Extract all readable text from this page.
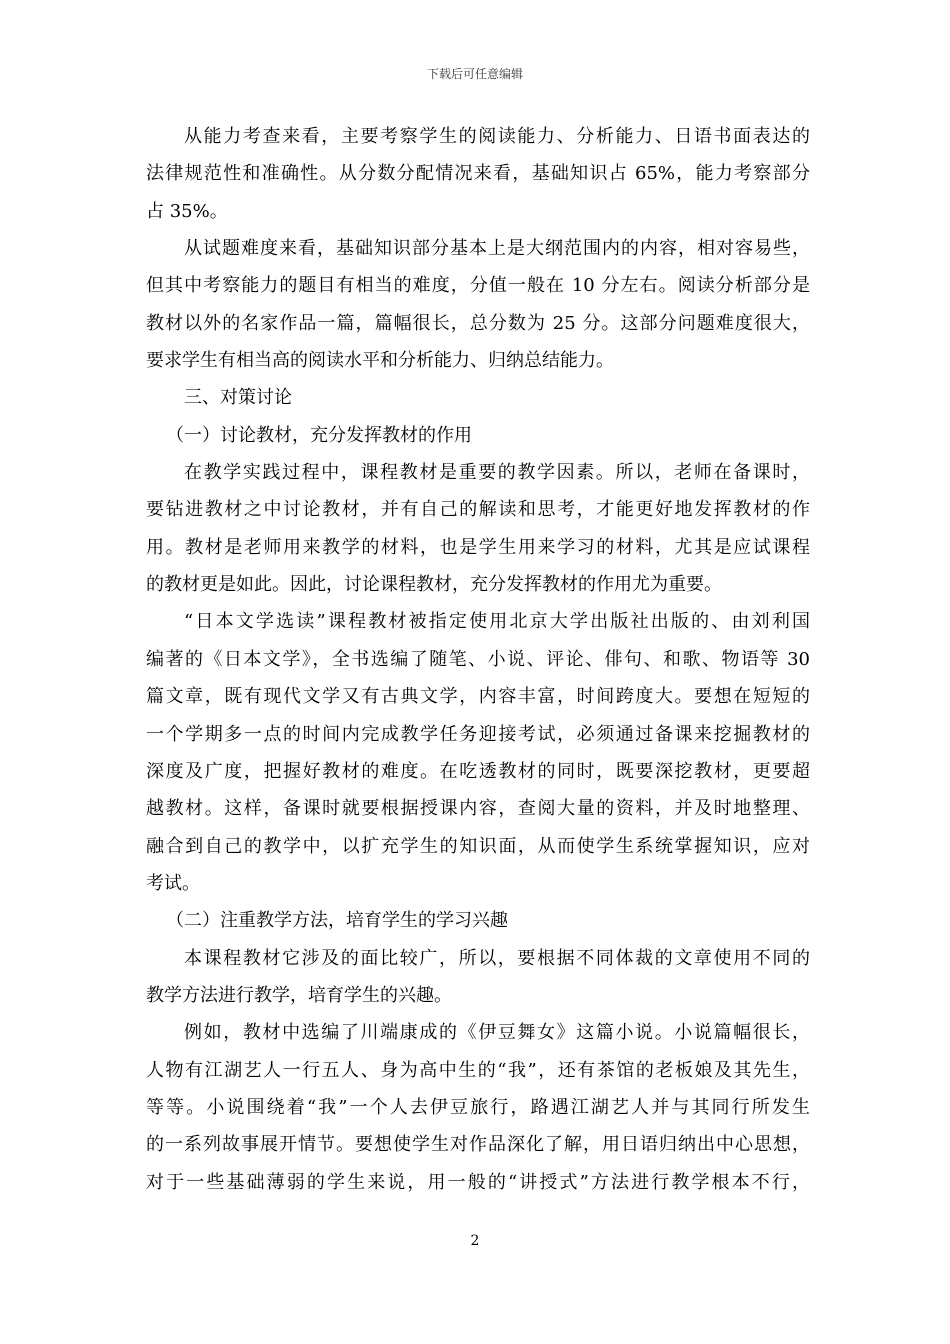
下载后可任意编辑
从能力考查来看，主要考察学生的阅读能力、分析能力、日语书面表达的
法律规范性和准确性。从分数分配情况来看，基础知识占 65%，能力考察部分
占 35%。
从试题难度来看，基础知识部分基本上是大纲范围内的内容，相对容易些，
但其中考察能力的题目有相当的难度，分值一般在 10 分左右。阅读分析部分是
教材以外的名家作品一篇，篇幅很长，总分数为 25 分。这部分问题难度很大，
要求学生有相当高的阅读水平和分析能力、归纳总结能力。
三、对策讨论
（一）讨论教材，充分发挥教材的作用
在教学实践过程中，课程教材是重要的教学因素。所以，老师在备课时，
要钻进教材之中讨论教材，并有自己的解读和思考，才能更好地发挥教材的作
用。教材是老师用来教学的材料，也是学生用来学习的材料，尤其是应试课程
的教材更是如此。因此，讨论课程教材，充分发挥教材的作用尤为重要。
“日本文学选读”课程教材被指定使用北京大学出版社出版的、由刘利国
编著的《日本文学》，全书选编了随笔、小说、评论、俳句、和歌、物语等 30
篇文章，既有现代文学又有古典文学，内容丰富，时间跨度大。要想在短短的
一个学期多一点的时间内完成教学任务迎接考试，必须通过备课来挖掘教材的
深度及广度，把握好教材的难度。在吃透教材的同时，既要深挖教材，更要超
越教材。这样，备课时就要根据授课内容，查阅大量的资料，并及时地整理、
融合到自己的教学中，以扩充学生的知识面，从而使学生系统掌握知识，应对
考试。
（二）注重教学方法，培育学生的学习兴趣
本课程教材它涉及的面比较广，所以，要根据不同体裁的文章使用不同的
教学方法进行教学，培育学生的兴趣。
例如，教材中选编了川端康成的《伊豆舞女》这篇小说。小说篇幅很长，
人物有江湖艺人一行五人、身为高中生的“我”，还有茶馆的老板娘及其先生，
等等。小说围绕着“我”一个人去伊豆旅行，路遇江湖艺人并与其同行所发生
的一系列故事展开情节。要想使学生对作品深化了解，用日语归纳出中心思想，
对于一些基础薄弱的学生来说，用一般的“讲授式”方法进行教学根本不行，
2
